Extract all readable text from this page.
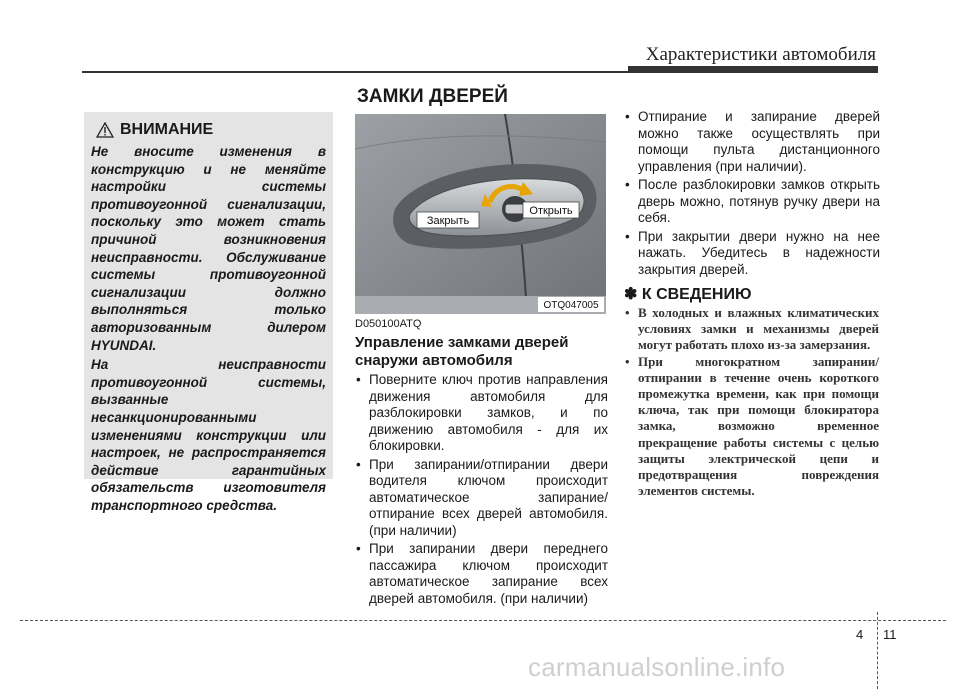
Характеристики автомобиля
ЗАМКИ ДВЕРЕЙ
ВНИМАНИЕ

Не вносите изменения в конструкцию и не меняйте настройки системы противоугонной сигнализации, поскольку это может стать причиной возникновения неисправности. Обслуживание системы противоугонной сигнализации должно выполняться только авторизованным дилером HYUNDAI.

На неисправности противоугонной системы, вызванные несанкционированными изменениями конструкции или настроек, не распространяется действие гарантийных обязательств изготовителя транспортного средства.

Закрыть
Открыть
OTQ047005
D050100ATQ
Управление замками дверей снаружи автомобиля
• Поверните ключ против направления движения автомобиля для разблокировки замков, и по движению автомобиля - для их блокировки.
• При запирании/отпирании двери водителя ключом происходит автоматическое запирание/отпирание всех дверей автомобиля. (при наличии)
• При запирании двери переднего пассажира ключом происходит автоматическое запирание всех дверей автомобиля. (при наличии)
• Отпирание и запирание дверей можно также осуществлять при помощи пульта дистанционного управления (при наличии).
• После разблокировки замков открыть дверь можно, потянув ручку двери на себя.
• При закрытии двери нужно на нее нажать. Убедитесь в надежности закрытия дверей.
✽ К СВЕДЕНИЮ
• В холодных и влажных климатических условиях замки и механизмы дверей могут работать плохо из-за замерзания.
• При многократном запирании/отпирании в течение очень короткого промежутка времени, как при помощи ключа, так при помощи блокиратора замка, возможно временное прекращение работы системы с целью защиты электрической цепи и предотвращения повреждения элементов системы.
4 11
carmanualsonline.info
